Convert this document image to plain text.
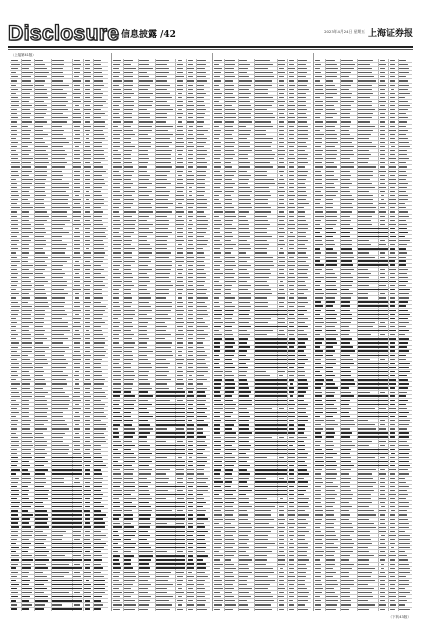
Disclosure 信息披露 /42	2023年4月24日 星期五 上海证券报
（上接第41版）
（下转43版）
